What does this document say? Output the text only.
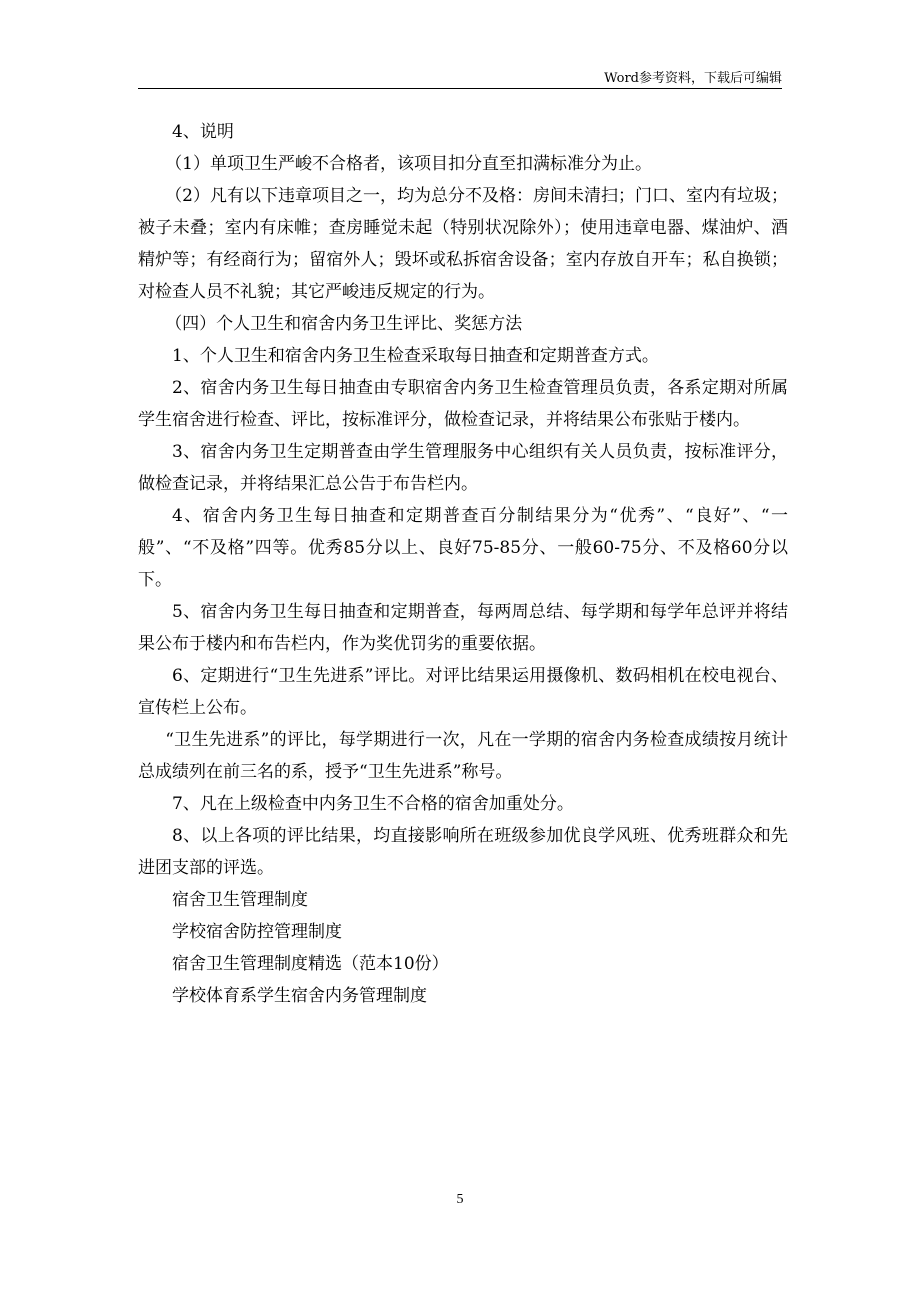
Word参考资料，下载后可编辑

4、说明

（1）单项卫生严峻不合格者，该项目扣分直至扣满标准分为止。

（2）凡有以下违章项目之一，均为总分不及格：房间未清扫；门口、室内有垃圾；被子未叠；室内有床帷；查房睡觉未起（特别状况除外）；使用违章电器、煤油炉、酒精炉等；有经商行为；留宿外人；毁坏或私拆宿舍设备；室内存放自开车；私自换锁；对检查人员不礼貌；其它严峻违反规定的行为。

（四）个人卫生和宿舍内务卫生评比、奖惩方法

1、个人卫生和宿舍内务卫生检查采取每日抽查和定期普查方式。

2、宿舍内务卫生每日抽查由专职宿舍内务卫生检查管理员负责，各系定期对所属学生宿舍进行检查、评比，按标准评分，做检查记录，并将结果公布张贴于楼内。

3、宿舍内务卫生定期普查由学生管理服务中心组织有关人员负责，按标准评分，做检查记录，并将结果汇总公告于布告栏内。

4、宿舍内务卫生每日抽查和定期普查百分制结果分为“优秀”、“良好”、“一般”、“不及格”四等。优秀85分以上、良好75-85分、一般60-75分、不及格60分以下。

5、宿舍内务卫生每日抽查和定期普查，每两周总结、每学期和每学年总评并将结果公布于楼内和布告栏内，作为奖优罚劣的重要依据。

6、定期进行“卫生先进系”评比。对评比结果运用摄像机、数码相机在校电视台、宣传栏上公布。

“卫生先进系”的评比，每学期进行一次，凡在一学期的宿舍内务检查成绩按月统计总成绩列在前三名的系，授予“卫生先进系”称号。

7、凡在上级检查中内务卫生不合格的宿舍加重处分。

8、以上各项的评比结果，均直接影响所在班级参加优良学风班、优秀班群众和先进团支部的评选。

宿舍卫生管理制度

学校宿舍防控管理制度

宿舍卫生管理制度精选（范本10份）

学校体育系学生宿舍内务管理制度

5
